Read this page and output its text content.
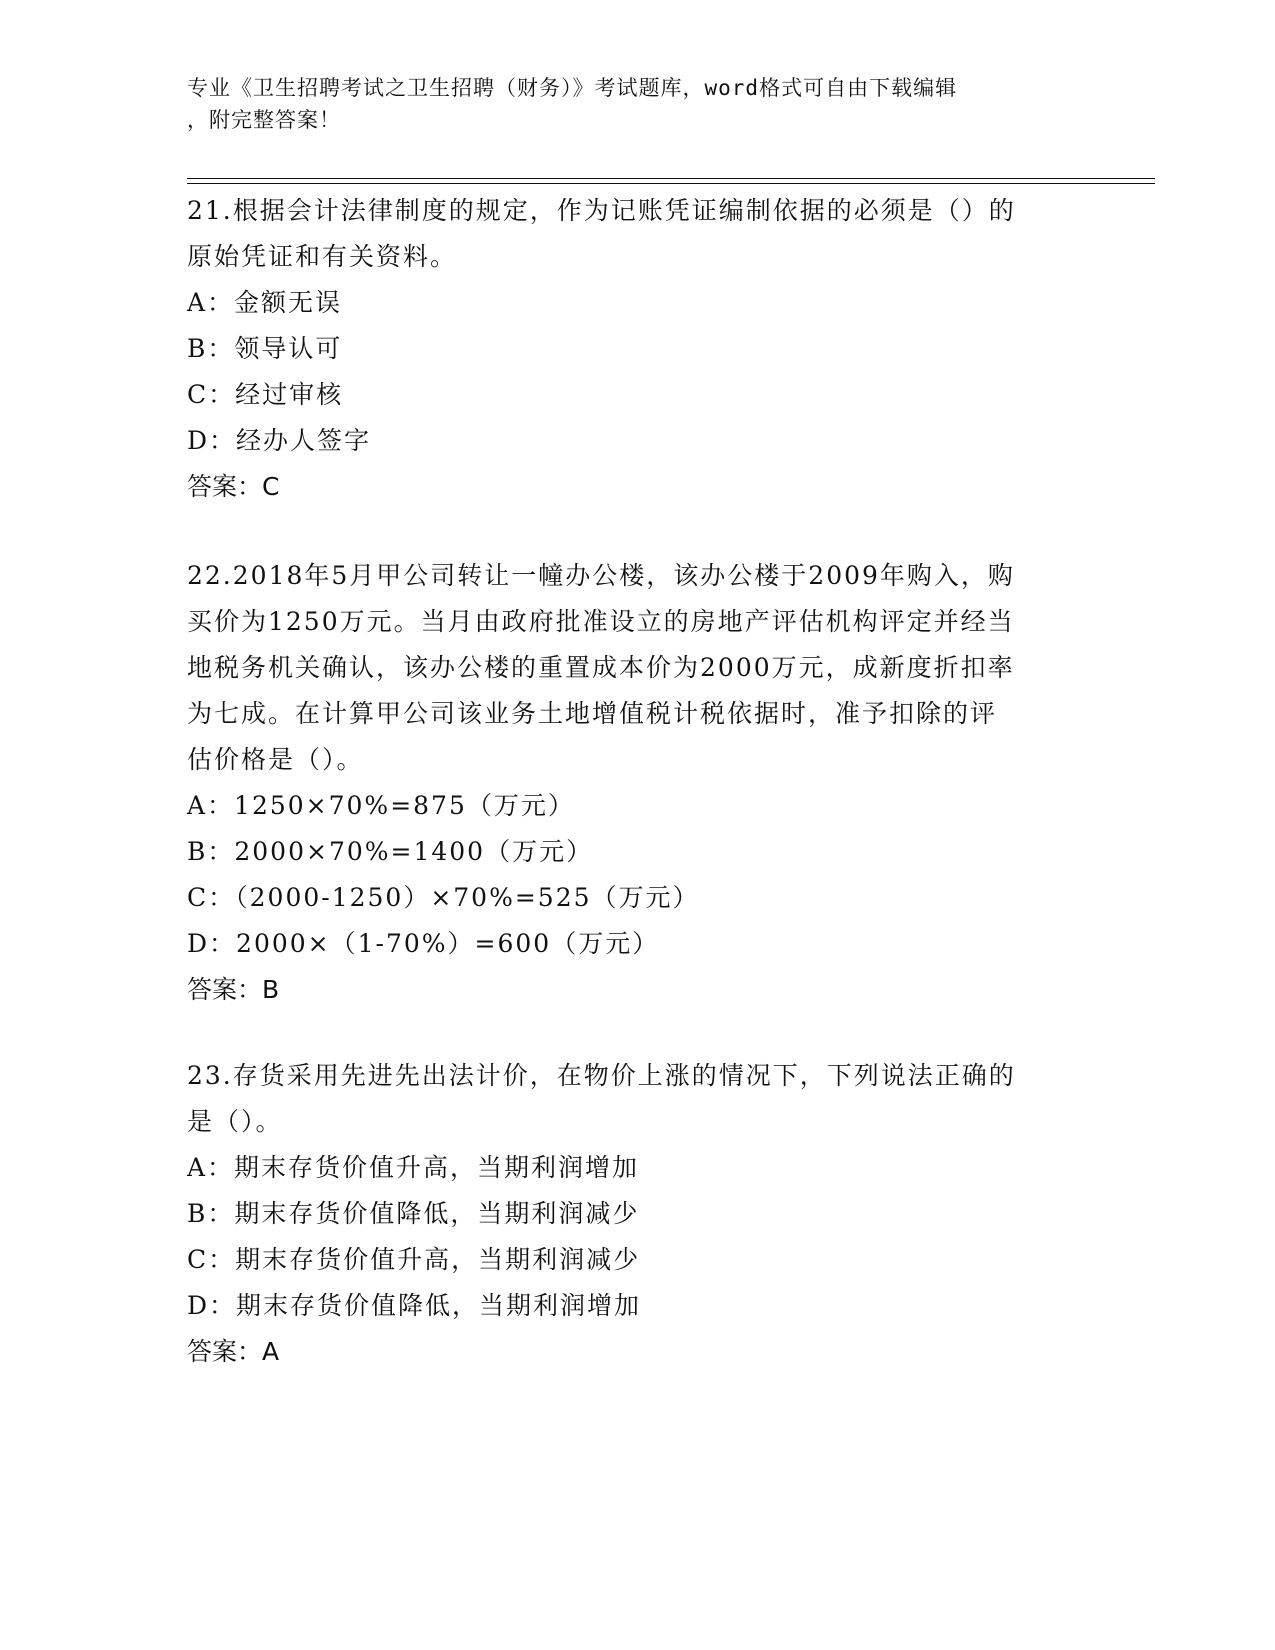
专业《卫生招聘考试之卫生招聘（财务）》考试题库，word格式可自由下载编辑
，附完整答案！
21.根据会计法律制度的规定，作为记账凭证编制依据的必须是（）的
原始凭证和有关资料。
A：金额无误
B：领导认可
C：经过审核
D：经办人签字
答案：C
22.2018年5月甲公司转让一幢办公楼，该办公楼于2009年购入，购
买价为1250万元。当月由政府批准设立的房地产评估机构评定并经当
地税务机关确认，该办公楼的重置成本价为2000万元，成新度折扣率
为七成。在计算甲公司该业务土地增值税计税依据时，准予扣除的评
估价格是（）。
A：1250×70%=875（万元）
B：2000×70%=1400（万元）
C：（2000-1250）×70%=525（万元）
D：2000×（1-70%）=600（万元）
答案：B
23.存货采用先进先出法计价，在物价上涨的情况下，下列说法正确的
是（）。
A：期末存货价值升高，当期利润增加
B：期末存货价值降低，当期利润减少
C：期末存货价值升高，当期利润减少
D：期末存货价值降低，当期利润增加
答案：A
